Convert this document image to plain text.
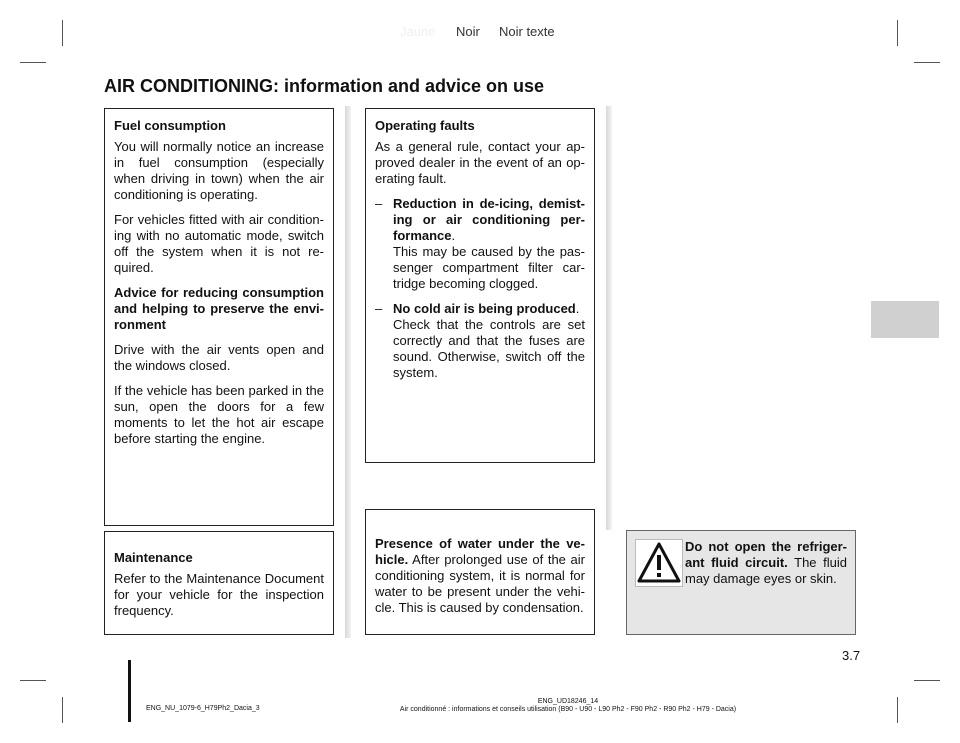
Jaune Noir Noir texte
AIR CONDITIONING: information and advice on use

Fuel consumption

You will normally notice an increase in fuel consumption (especially when driving in town) when the air conditioning is operating.

For vehicles fitted with air condition-ing with no automatic mode, switch off the system when it is not re-quired.

Advice for reducing consumption and helping to preserve the envi-ronment

Drive with the air vents open and the windows closed.

If the vehicle has been parked in the sun, open the doors for a few moments to let the hot air escape before starting the engine.

Maintenance

Refer to the Maintenance Document for your vehicle for the inspection frequency.

Operating faults

As a general rule, contact your ap-proved dealer in the event of an op-erating fault.

– Reduction in de-icing, demist-ing or air conditioning per-formance.
This may be caused by the pas-senger compartment filter car-tridge becoming clogged.
– No cold air is being produced.
Check that the controls are set correctly and that the fuses are sound. Otherwise, switch off the system.

Presence of water under the ve-hicle. After prolonged use of the air conditioning system, it is normal for water to be present under the vehi-cle. This is caused by condensation.

Do not open the refriger-ant fluid circuit. The fluid may damage eyes or skin.
3.7
ENG_NU_1079-6_H79Ph2_Dacia_3
ENG_UD18246_14
Air conditionné : informations et conseils utilisation (B90 - U90 - L90 Ph2 - F90 Ph2 - R90 Ph2 - H79 - Dacia)
